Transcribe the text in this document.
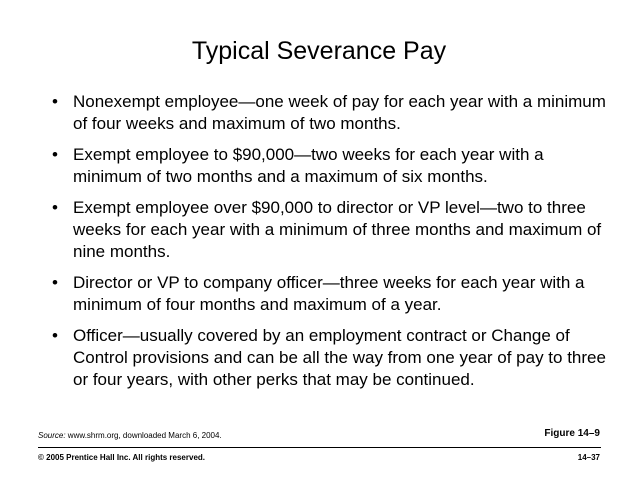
Typical Severance Pay
• Nonexempt employee—one week of pay for each year with a minimum of four weeks and maximum of two months.
• Exempt employee to $90,000—two weeks for each year with a minimum of two months and a maximum of six months.
• Exempt employee over $90,000 to director or VP level—two to three weeks for each year with a minimum of three months and maximum of nine months.
• Director or VP to company officer—three weeks for each year with a minimum of four months and maximum of a year.
• Officer—usually covered by an employment contract or Change of Control provisions and can be all the way from one year of pay to three or four years, with other perks that may be continued.
Source: www.shrm.org, downloaded March 6, 2004.	Figure 14–9
© 2005 Prentice Hall Inc. All rights reserved.	14–37
